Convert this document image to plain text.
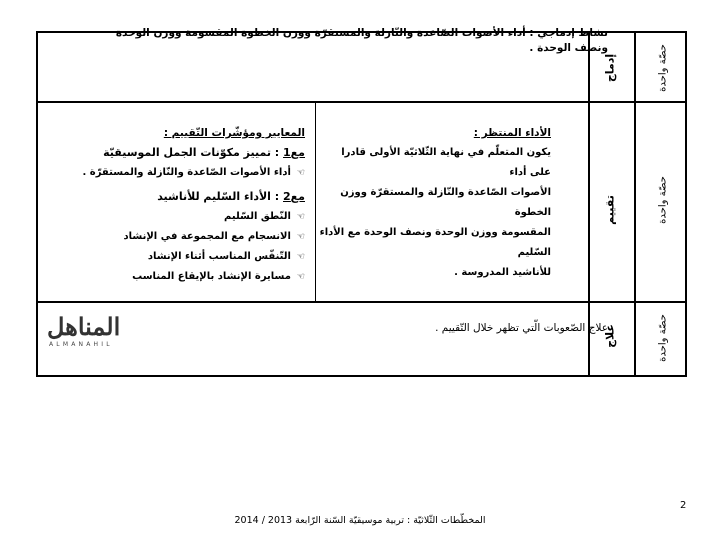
حصّة واحدة
حصّة واحدة
حصّة واحدة
إدماج
تقييم
علاج
نشاط إدماجي : أداء الأصوات الصّاعدة والنّازلة والمستقرّة ووزن الخطوة المقسومة ووزن الوحدة ونصف الوحدة .
الأداء المنتظر :
يكون المتعلّم في نهاية الثّلاثيّة الأولى قادرا على أداء
الأصوات الصّاعدة والنّازلة والمستقرّة ووزن الخطوة
المقسومة ووزن الوحدة ونصف الوحدة مع الأداء السّليم
للأناشيد المدروسة .
المعايير ومؤشّرات التّقييم :
مع1 : تمييز مكوّنات الجمل الموسيقيّة
☜أداء الأصوات الصّاعدة والنّازلة والمستقرّة .
مع2 : الأداء السّليم للأناشيد
☜النّطق السّليم
☜الانسجام مع المجموعة في الإنشاد
☜التّنفّس المناسب أثناء الإنشاد
☜مسايرة الإنشاد بالإيقاع المناسب
علاج الصّعوبات الّتي تظهر خلال التّقييم .
المناهل
ALMANAHIL
2
المخطّطات الثّلاثيّة : تربية موسيقيّة السّنة الرّابعة 2013 / 2014
